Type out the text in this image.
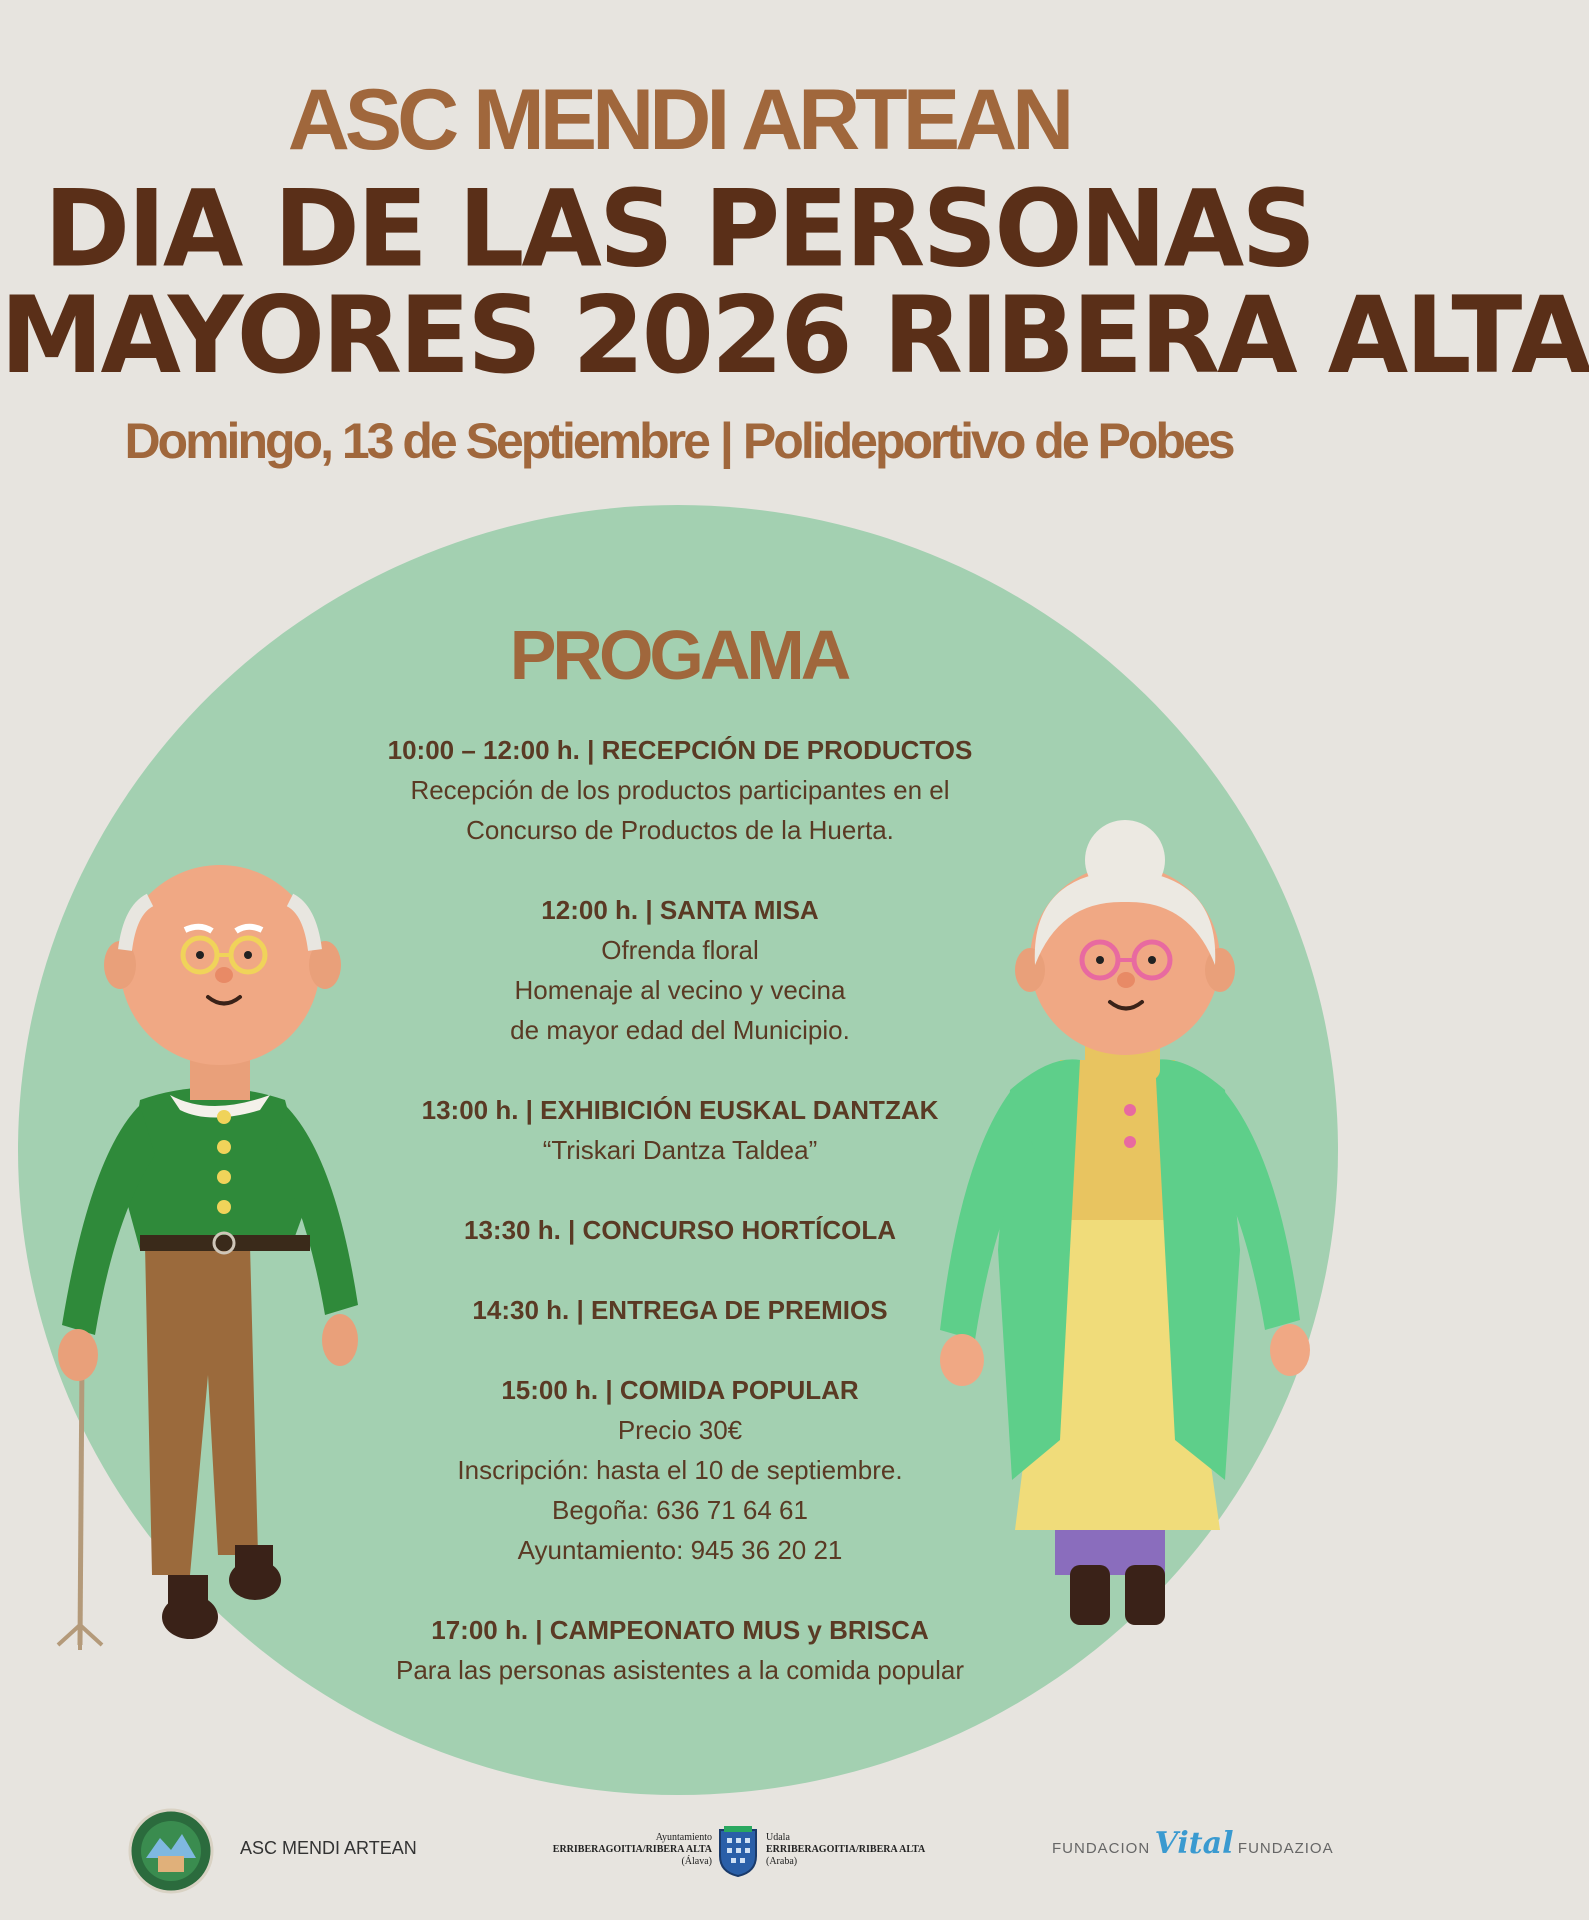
ASC MENDI ARTEAN
DIA DE LAS PERSONAS
MAYORES 2026 RIBERA ALTA
Domingo, 13 de Septiembre | Polideportivo de Pobes
PROGAMA
10:00 – 12:00 h. | RECEPCIÓN DE PRODUCTOS
Recepción de los productos participantes en el
Concurso de Productos de la Huerta.
12:00 h. | SANTA MISA
Ofrenda floral
Homenaje al vecino y vecina
de mayor edad del Municipio.
13:00 h. | EXHIBICIÓN EUSKAL DANTZAK
“Triskari Dantza Taldea”
13:30 h. | CONCURSO HORTÍCOLA
14:30 h. | ENTREGA DE PREMIOS
15:00 h. | COMIDA POPULAR
Precio 30€
Inscripción: hasta el 10 de septiembre.
Begoña: 636 71 64 61
Ayuntamiento: 945 36 20 21
17:00 h. | CAMPEONATO MUS y BRISCA
Para las personas asistentes a la comida popular
ASC MENDI ARTEAN
Ayuntamiento
ERRIBERAGOITIA/RIBERA ALTA
(Álava)
Udala
ERRIBERAGOITIA/RIBERA ALTA
(Araba)
FUNDACION Vital FUNDAZIOA
